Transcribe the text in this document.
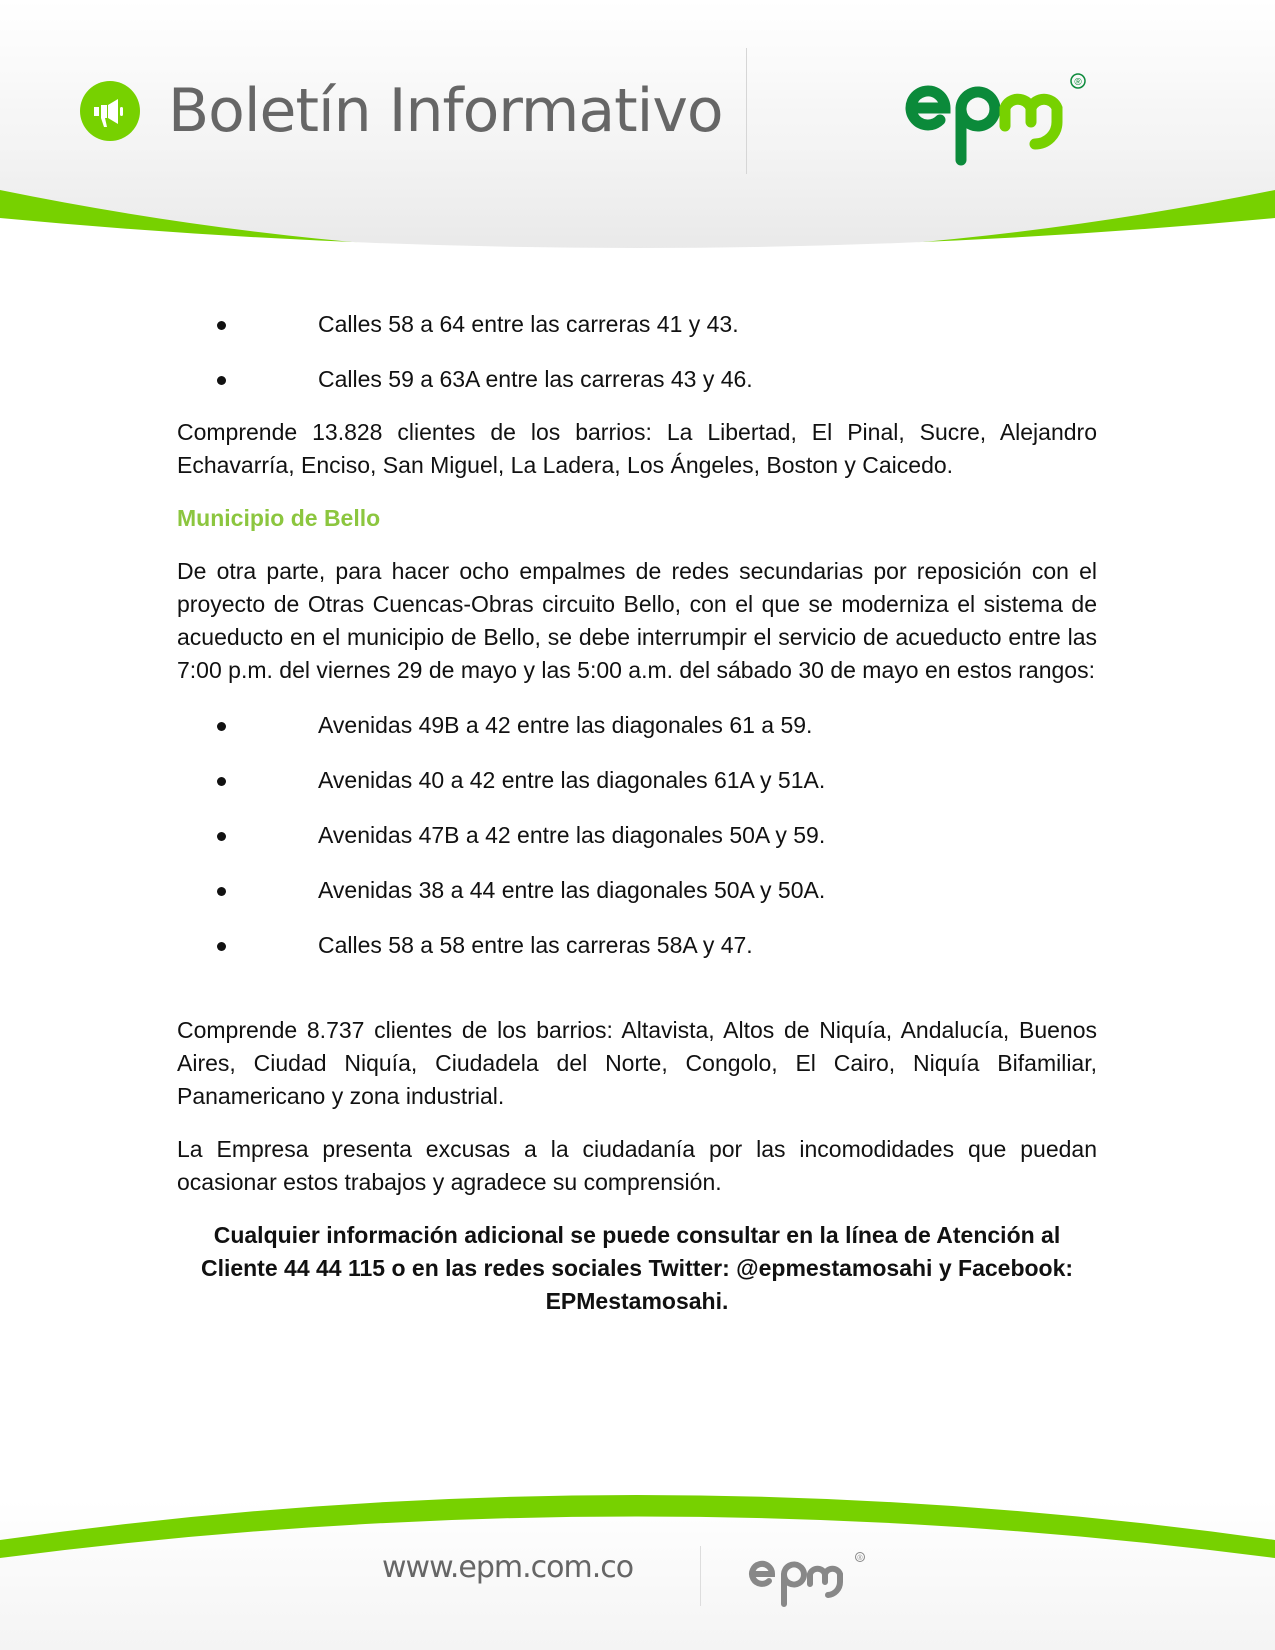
Boletín Informativo	®
Calles 58 a 64 entre las carreras 41 y 43.
Calles 59 a 63A entre las carreras 43 y 46.

Comprende 13.828 clientes de los barrios: La Libertad, El Pinal, Sucre, Alejandro Echavarría, Enciso, San Miguel, La Ladera, Los Ángeles, Boston y Caicedo.

Municipio de Bello

De otra parte, para hacer ocho empalmes de redes secundarias por reposición con el proyecto de Otras Cuencas-Obras circuito Bello, con el que se moderniza el sistema de acueducto en el municipio de Bello, se debe interrumpir el servicio de acueducto entre las 7:00 p.m. del viernes 29 de mayo y las 5:00 a.m. del sábado 30 de mayo en estos rangos:

Avenidas 49B a 42 entre las diagonales 61 a 59.
Avenidas 40 a 42 entre las diagonales 61A y 51A.
Avenidas 47B a 42 entre las diagonales 50A y 59.
Avenidas 38 a 44 entre las diagonales 50A y 50A.
Calles 58 a 58 entre las carreras 58A y 47.

Comprende 8.737 clientes de los barrios: Altavista, Altos de Niquía, Andalucía, Buenos Aires, Ciudad Niquía, Ciudadela del Norte, Congolo, El Cairo, Niquía Bifamiliar, Panamericano y zona industrial.

La Empresa presenta excusas a la ciudadanía por las incomodidades que puedan ocasionar estos trabajos y agradece su comprensión.

Cualquier información adicional se puede consultar en la línea de Atención al Cliente 44 44 115 o en las redes sociales Twitter: @epmestamosahi y Facebook: EPMestamosahi.

www.epm.com.co	®
